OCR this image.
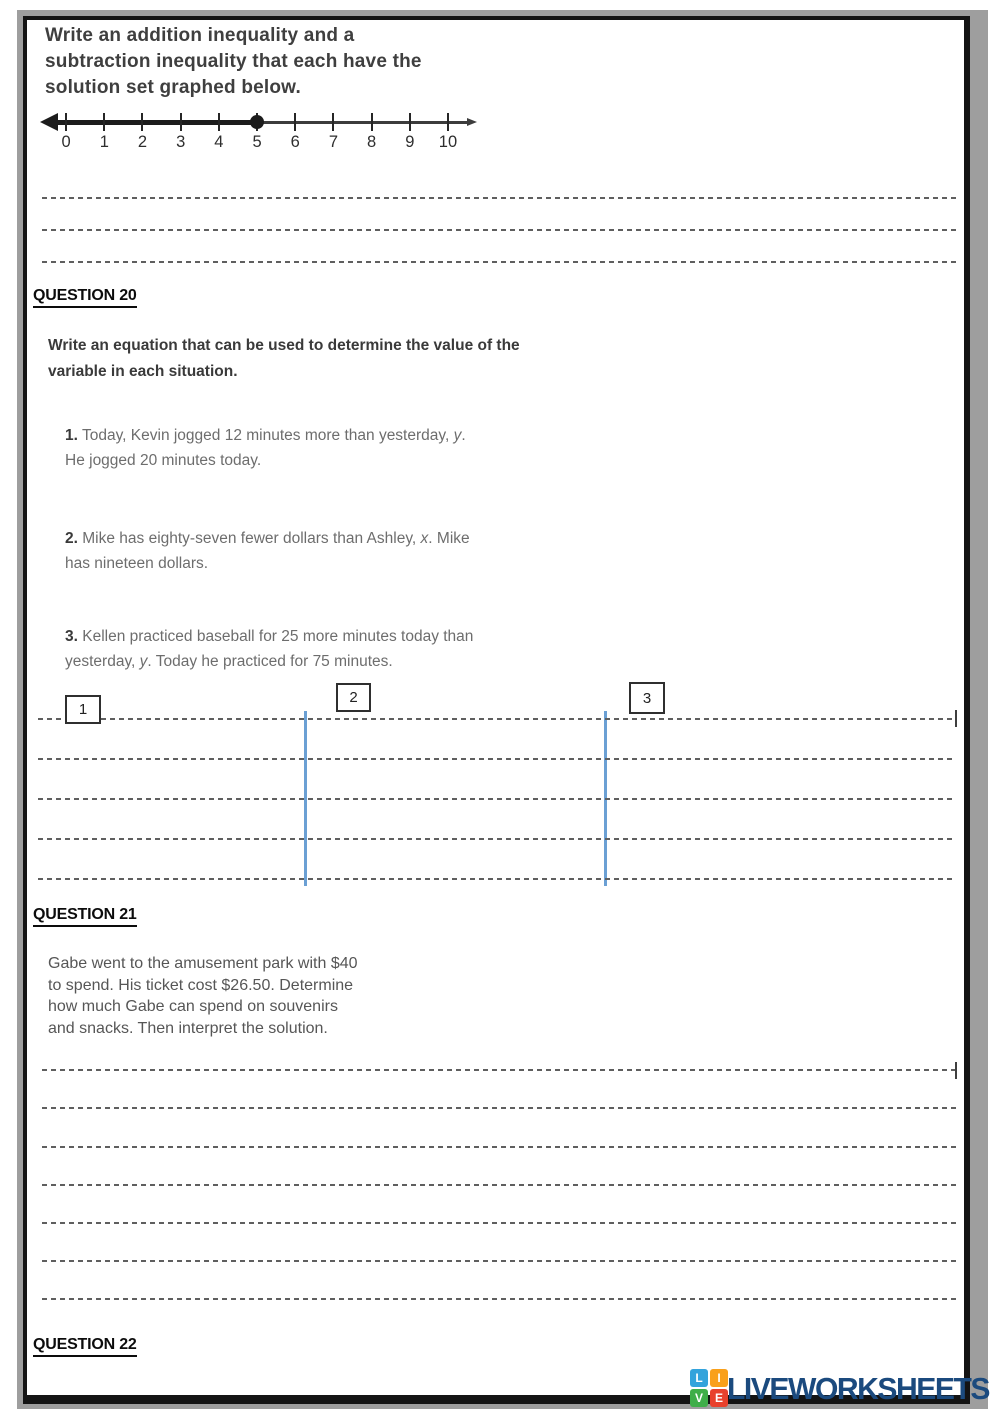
Write an addition inequality and a
subtraction inequality that each have the
solution set graphed below.
0	1	2	3	4	5	6	7	8	9	10
QUESTION 20
Write an equation that can be used to determine the value of the
variable in each situation.
1. Today, Kevin jogged 12 minutes more than yesterday, y.
He jogged 20 minutes today.
2. Mike has eighty-seven fewer dollars than Ashley, x. Mike
has nineteen dollars.
3. Kellen practiced baseball for 25 more minutes today than
yesterday, y. Today he practiced for 75 minutes.
1
2	3
QUESTION 21
Gabe went to the amusement park with $40
to spend. His ticket cost $26.50. Determine
how much Gabe can spend on souvenirs
and snacks. Then interpret the solution.
QUESTION 22
L	I
V E LIVEWORKSHEETS
